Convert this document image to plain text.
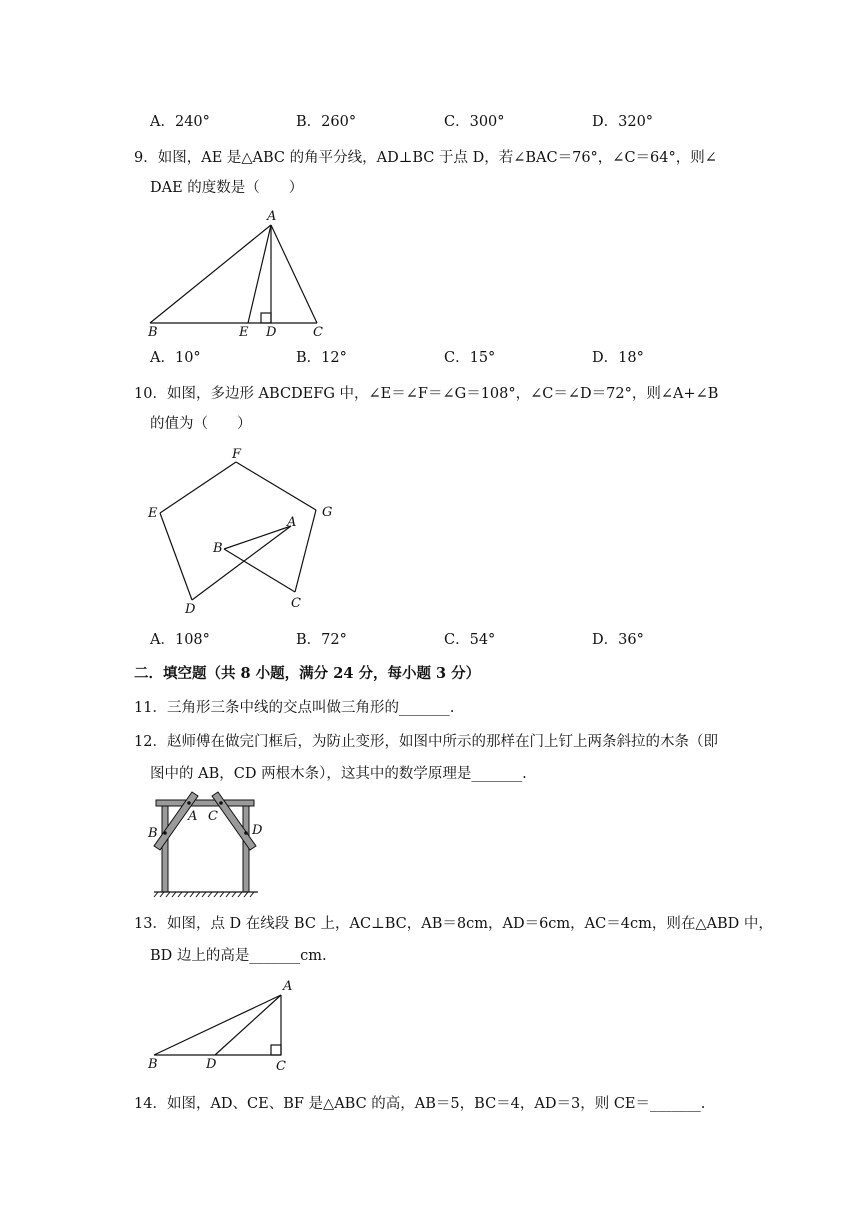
A．240°	B．260°	C．300°	D．320°
9．如图，AE 是△ABC 的角平分线，AD⊥BC 于点 D，若∠BAC＝76°，∠C＝64°，则∠
DAE 的度数是（　　）
A
B	E D	C
A．10°	B．12°	C．15°	D．18°
10．如图，多边形 ABCDEFG 中，∠E＝∠F＝∠G＝108°，∠C＝∠D＝72°，则∠A+∠B
的值为（　　）
F
E	G
A
B
D	C
A．108°	B．72°	C．54°	D．36°
二．填空题（共 8 小题，满分 24 分，每小题 3 分）
11．三角形三条中线的交点叫做三角形的_______.
12．赵师傅在做完门框后，为防止变形，如图中所示的那样在门上钉上两条斜拉的木条（即
图中的 AB，CD 两根木条），这其中的数学原理是_______.
B
A C
D
13．如图，点 D 在线段 BC 上，AC⊥BC，AB＝8cm，AD＝6cm，AC＝4cm，则在△ABD 中，
BD 边上的高是_______cm.
A
B	D	C
14．如图，AD、CE、BF 是△ABC 的高，AB＝5，BC＝4，AD＝3，则 CE＝_______.
